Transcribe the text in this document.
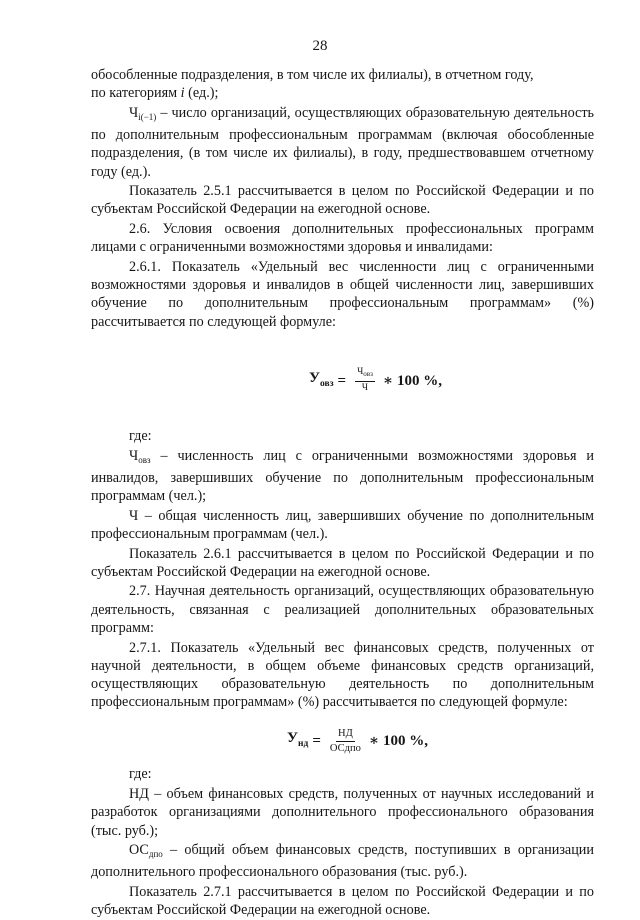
28

обособленные подразделения, в том числе их филиалы), в отчетном году,

по категориям i (ед.);

$Ч_{i(-1)}$ – число организаций, осуществляющих образовательную деятельность по дополнительным профессиональным программам (включая обособленные подразделения, (в том числе их филиалы), в году, предшествовавшем отчетному году (ед.).

Показатель 2.5.1 рассчитывается в целом по Российской Федерации и по субъектам Российской Федерации на ежегодной основе.

2.6. Условия освоения дополнительных профессиональных программ лицами с ограниченными возможностями здоровья и инвалидами:

2.6.1. Показатель «Удельный вес численности лиц с ограниченными возможностями здоровья и инвалидов в общей численности лиц, завершивших обучение по дополнительным профессиональным программам» (%) рассчитывается по следующей формуле:

$У_{овз} = \frac{Ч_{овз}}{Ч}$ ∗ 100 %,

где:

$Ч_{овз}$ – численность лиц с ограниченными возможностями здоровья и инвалидов, завершивших обучение по дополнительным профессиональным программам (чел.);

Ч – общая численность лиц, завершивших обучение по дополнительным профессиональным программам (чел.).

Показатель 2.6.1 рассчитывается в целом по Российской Федерации и по субъектам Российской Федерации на ежегодной основе.

2.7. Научная деятельность организаций, осуществляющих образовательную деятельность, связанная с реализацией дополнительных образовательных программ:

2.7.1. Показатель «Удельный вес финансовых средств, полученных от научной деятельности, в общем объеме финансовых средств организаций, осуществляющих образовательную деятельность по дополнительным профессиональным программам» (%) рассчитывается по следующей формуле:

$У_{нд} = \frac{НД}{\text{ОСдпо}}$ ∗ 100 %,

где:

НД – объем финансовых средств, полученных от научных исследований и разработок организациями дополнительного профессионального образования (тыс. руб.);

$ОС_{дпо}$ – общий объем финансовых средств, поступивших в организации дополнительного профессионального образования (тыс. руб.).

Показатель 2.7.1 рассчитывается в целом по Российской Федерации и по субъектам Российской Федерации на ежегодной основе.
